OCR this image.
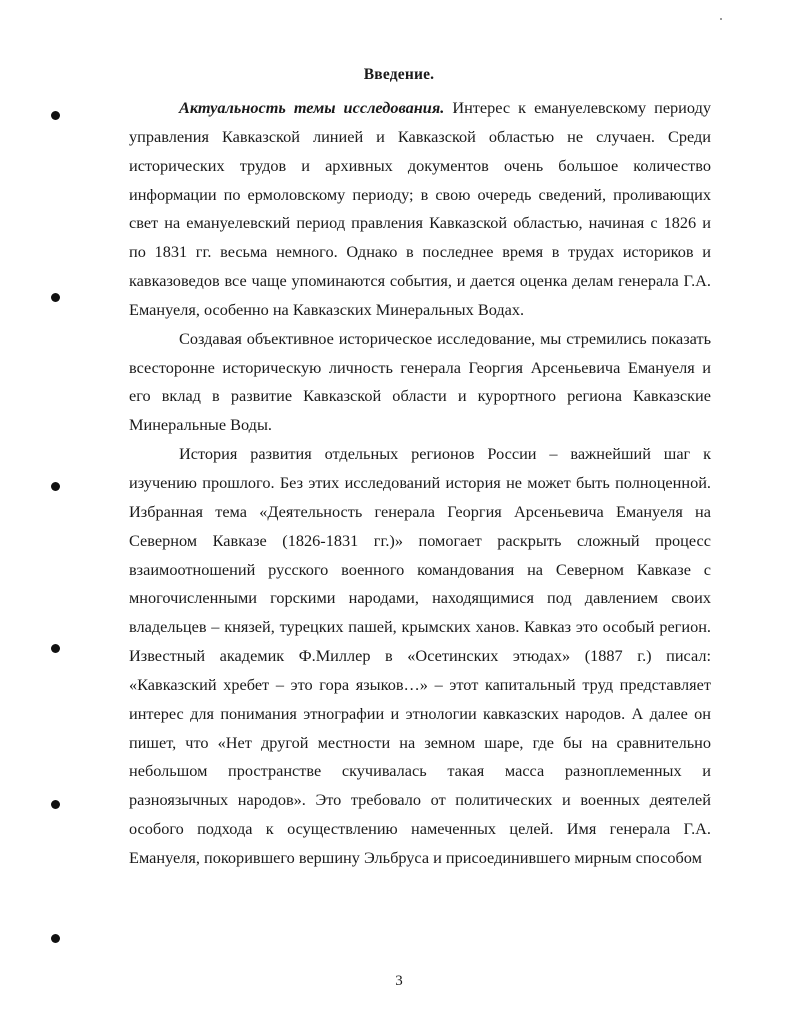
Введение.

Актуальность темы исследования. Интерес к емануелевскому периоду управления Кавказской линией и Кавказской областью не случаен. Среди исторических трудов и архивных документов очень большое количество информации по ермоловскому периоду; в свою очередь сведений, проливающих свет на емануелевский период правления Кавказской областью, начиная с 1826 и по 1831 гг. весьма немного. Однако в последнее время в трудах историков и кавказоведов все чаще упоминаются события, и дается оценка делам генерала Г.А. Емануеля, особенно на Кавказских Минеральных Водах.

Создавая объективное историческое исследование, мы стремились показать всесторонне историческую личность генерала Георгия Арсеньевича Емануеля и его вклад в развитие Кавказской области и курортного региона Кавказские Минеральные Воды.

История развития отдельных регионов России – важнейший шаг к изучению прошлого. Без этих исследований история не может быть полноценной. Избранная тема «Деятельность генерала Георгия Арсеньевича Емануеля на Северном Кавказе (1826-1831 гг.)» помогает раскрыть сложный процесс взаимоотношений русского военного командования на Северном Кавказе с многочисленными горскими народами, находящимися под давлением своих владельцев – князей, турецких пашей, крымских ханов. Кавказ это особый регион. Известный академик Ф.Миллер в «Осетинских этюдах» (1887 г.) писал: «Кавказский хребет – это гора языков…» – этот капитальный труд представляет интерес для понимания этнографии и этнологии кавказских народов. А далее он пишет, что «Нет другой местности на земном шаре, где бы на сравнительно небольшом пространстве скучивалась такая масса разноплеменных и разноязычных народов». Это требовало от политических и военных деятелей особого подхода к осуществлению намеченных целей. Имя генерала Г.А. Емануеля, покорившего вершину Эльбруса и присоединившего мирным способом

3
